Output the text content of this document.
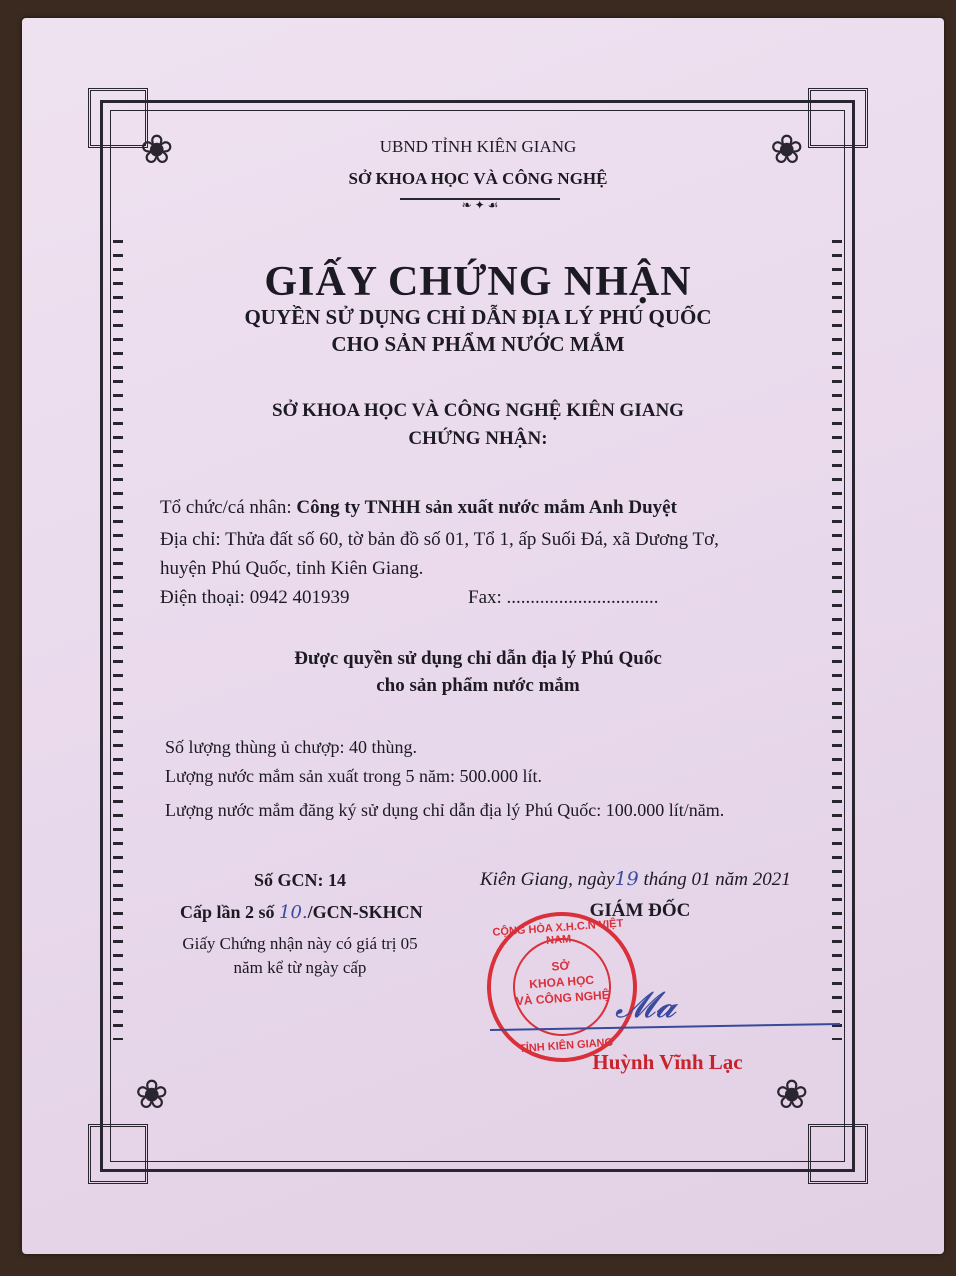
❀	❀
❀	❀
UBND TỈNH KIÊN GIANG
SỞ KHOA HỌC VÀ CÔNG NGHỆ
❧ ✦ ☙
GIẤY CHỨNG NHẬN
QUYỀN SỬ DỤNG CHỈ DẪN ĐỊA LÝ PHÚ QUỐC
CHO SẢN PHẨM NƯỚC MẮM
SỞ KHOA HỌC VÀ CÔNG NGHỆ KIÊN GIANG
CHỨNG NHẬN:
Tổ chức/cá nhân: Công ty TNHH sản xuất nước mắm Anh Duyệt
Địa chỉ: Thửa đất số 60, tờ bản đồ số 01, Tổ 1, ấp Suối Đá, xã Dương Tơ,
huyện Phú Quốc, tỉnh Kiên Giang.
Điện thoại: 0942 401939	Fax: ................................
Được quyền sử dụng chỉ dẫn địa lý Phú Quốc
cho sản phẩm nước mắm
Số lượng thùng ủ chượp: 40 thùng.
Lượng nước mắm sản xuất trong 5 năm: 500.000 lít.
Lượng nước mắm đăng ký sử dụng chỉ dẫn địa lý Phú Quốc: 100.000 lít/năm.
Số GCN: 14
Cấp lần 2 số 10./GCN-SKHCN
Giấy Chứng nhận này có giá trị 05
năm kể từ ngày cấp
Kiên Giang, ngày19 tháng 01 năm 2021
GIÁM ĐỐC
CỘNG HÒA X.H.C.N VIỆT NAM
SỞ
KHOA HỌC
VÀ CÔNG NGHỆ
TỈNH KIÊN GIANG
𝓜𝓪
Huỳnh Vĩnh Lạc
